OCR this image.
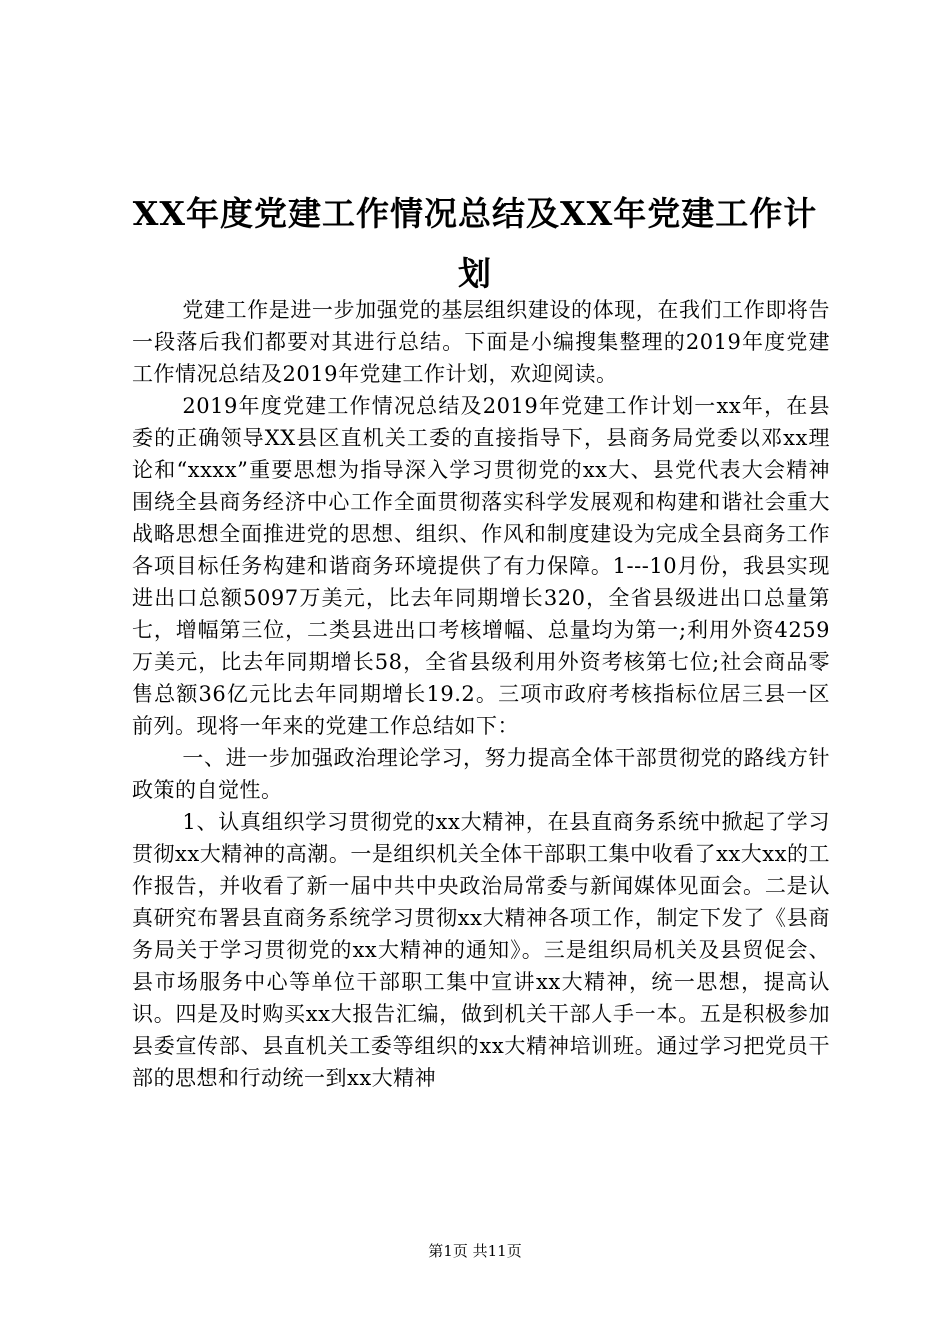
XX年度党建工作情况总结及XX年党建工作计划

党建工作是进一步加强党的基层组织建设的体现，在我们工作即将告一段落后我们都要对其进行总结。下面是小编搜集整理的2019年度党建工作情况总结及2019年党建工作计划，欢迎阅读。

2019年度党建工作情况总结及2019年党建工作计划一xx年，在县委的正确领导XX县区直机关工委的直接指导下，县商务局党委以邓xx理论和“xxxx”重要思想为指导深入学习贯彻党的xx大、县党代表大会精神围绕全县商务经济中心工作全面贯彻落实科学发展观和构建和谐社会重大战略思想全面推进党的思想、组织、作风和制度建设为完成全县商务工作各项目标任务构建和谐商务环境提供了有力保障。1---10月份，我县实现进出口总额5097万美元，比去年同期增长320，全省县级进出口总量第七，增幅第三位，二类县进出口考核增幅、总量均为第一;利用外资4259万美元，比去年同期增长58，全省县级利用外资考核第七位;社会商品零售总额36亿元比去年同期增长19.2。三项市政府考核指标位居三县一区前列。现将一年来的党建工作总结如下：

一、进一步加强政治理论学习，努力提高全体干部贯彻党的路线方针政策的自觉性。

1、认真组织学习贯彻党的xx大精神，在县直商务系统中掀起了学习贯彻xx大精神的高潮。一是组织机关全体干部职工集中收看了xx大xx的工作报告，并收看了新一届中共中央政治局常委与新闻媒体见面会。二是认真研究布署县直商务系统学习贯彻xx大精神各项工作，制定下发了《县商务局关于学习贯彻党的xx大精神的通知》。三是组织局机关及县贸促会、县市场服务中心等单位干部职工集中宣讲xx大精神，统一思想，提高认识。四是及时购买xx大报告汇编，做到机关干部人手一本。五是积极参加县委宣传部、县直机关工委等组织的xx大精神培训班。通过学习把党员干部的思想和行动统一到xx大精神

第1页 共11页
